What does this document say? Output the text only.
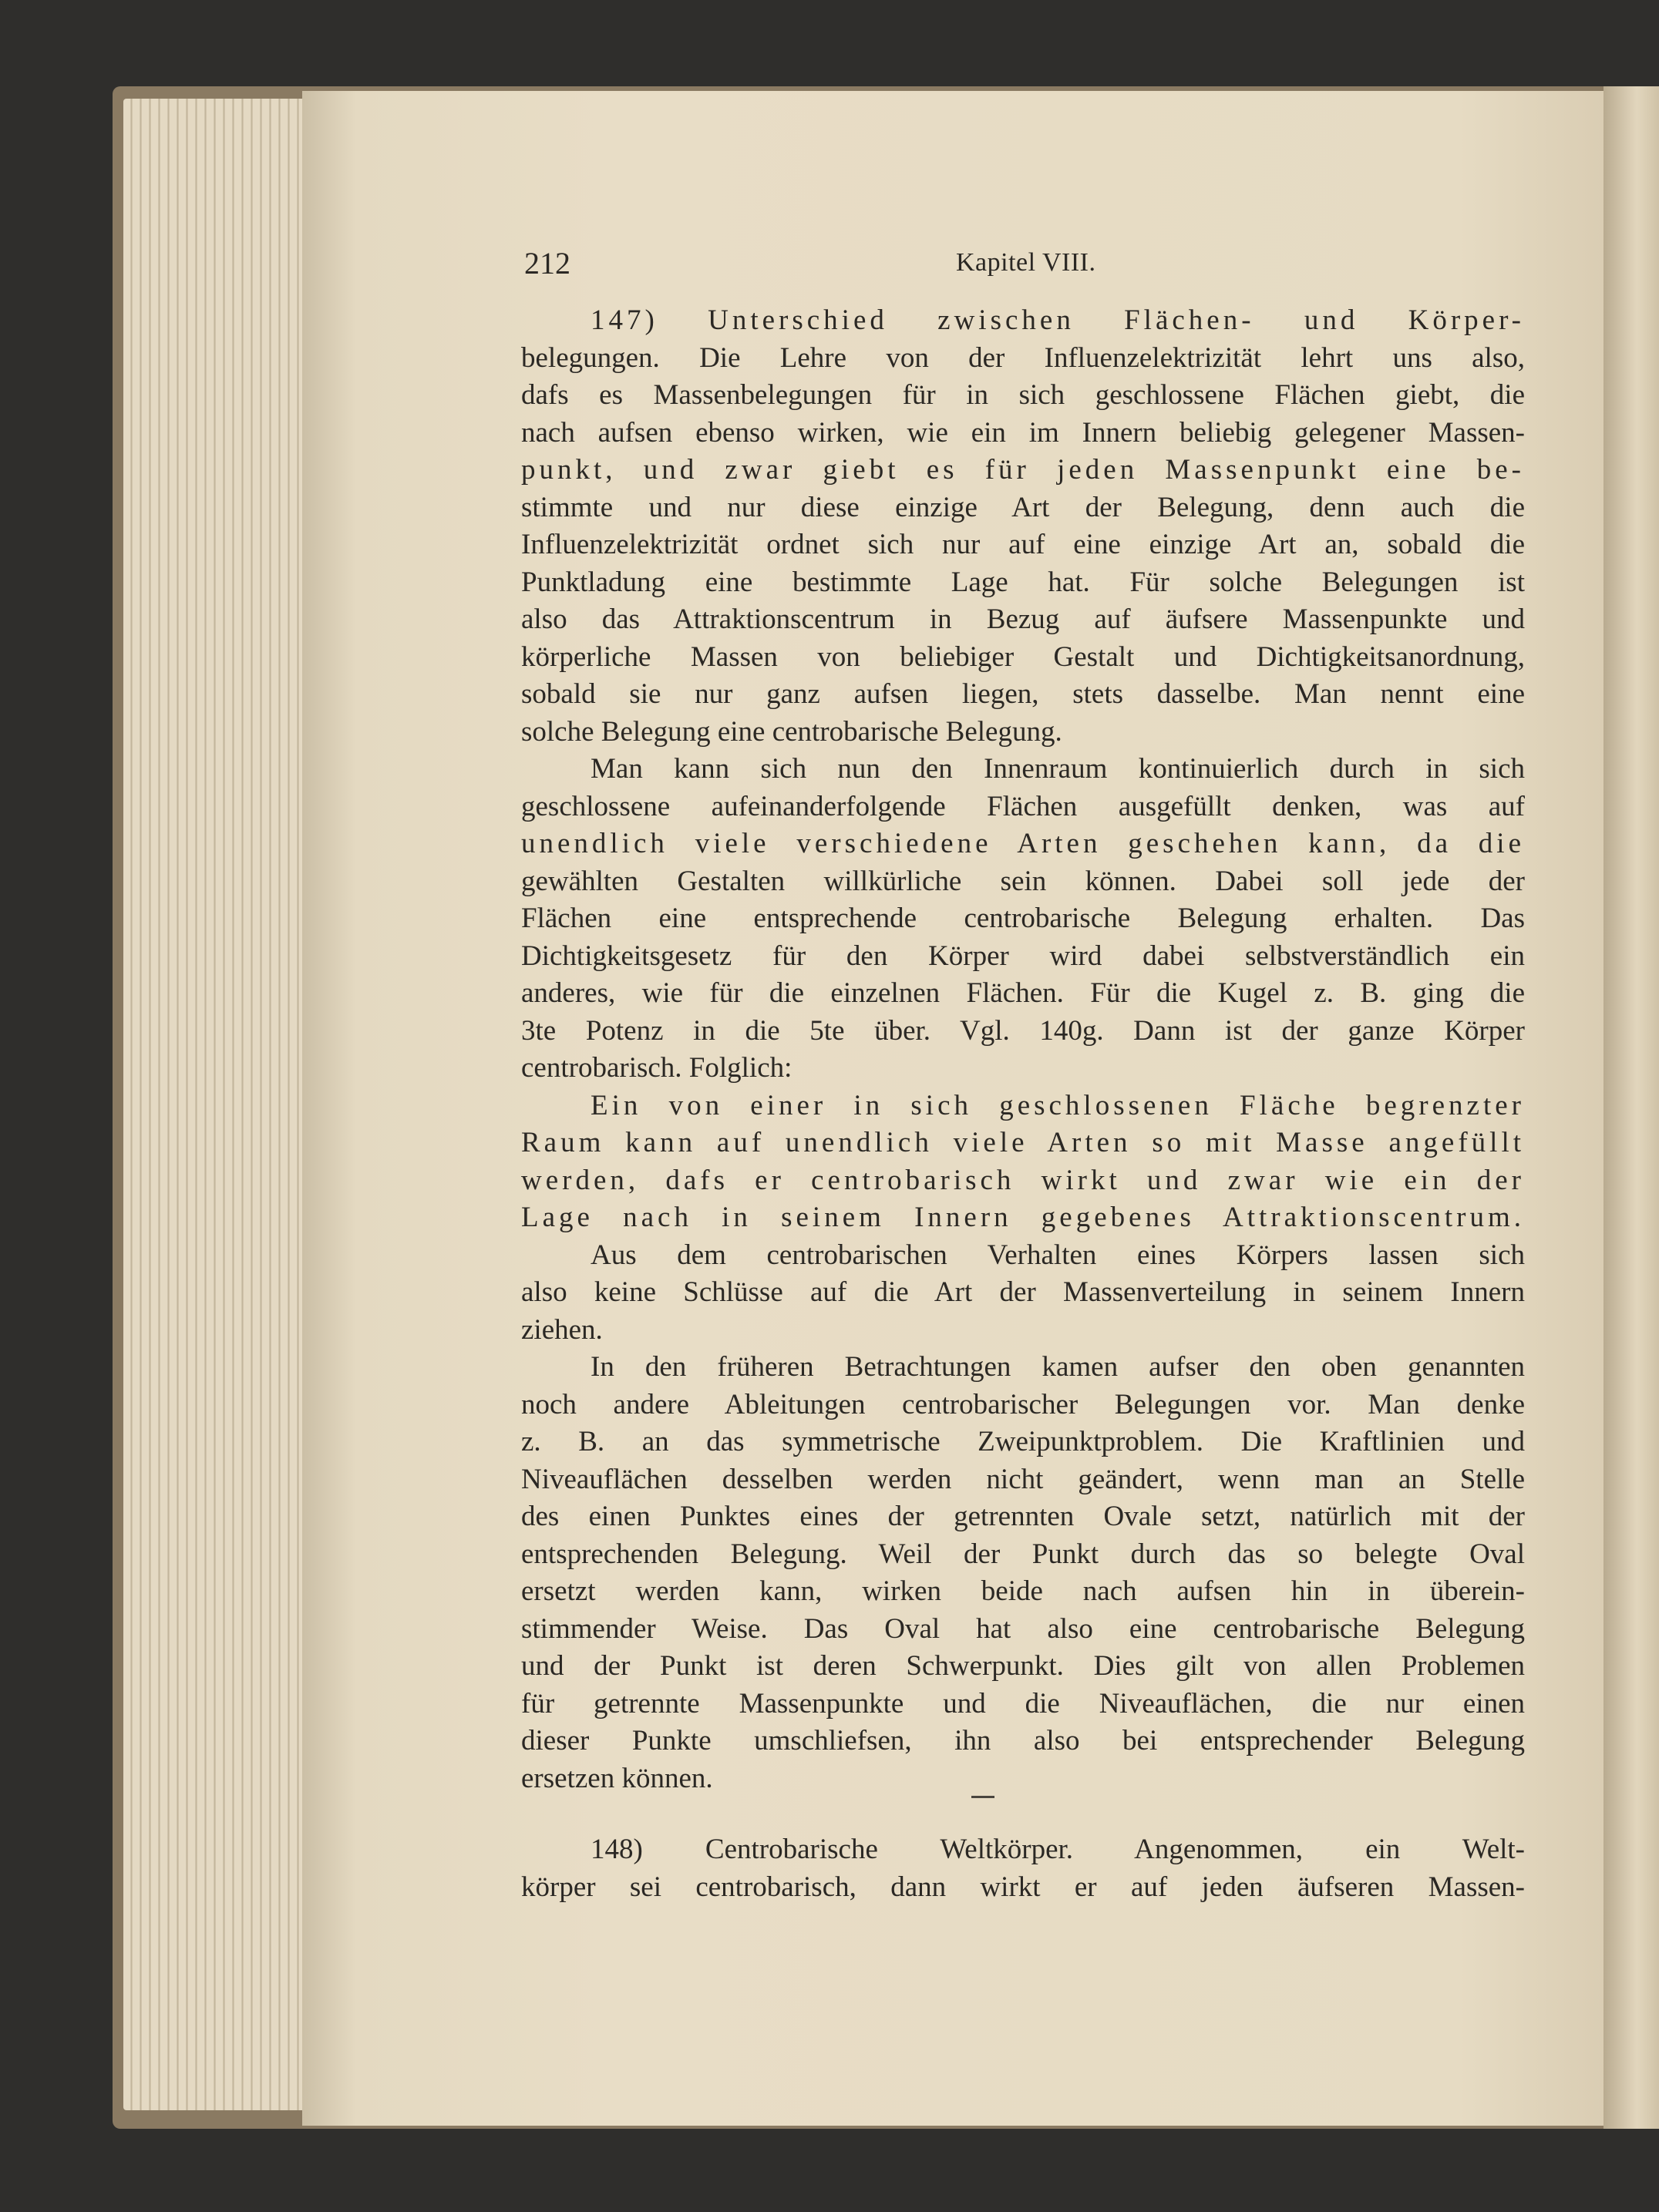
212	Kapitel VIII.
147) Unterschied zwischen Flächen- und Körper-
belegungen. Die Lehre von der Influenzelektrizität lehrt uns also,
dafs es Massenbelegungen für in sich geschlossene Flächen giebt, die
nach aufsen ebenso wirken, wie ein im Innern beliebig gelegener Massen-
punkt, und zwar giebt es für jeden Massenpunkt eine be-
stimmte und nur diese einzige Art der Belegung, denn auch die
Influenzelektrizität ordnet sich nur auf eine einzige Art an, sobald die
Punktladung eine bestimmte Lage hat. Für solche Belegungen ist
also das Attraktionscentrum in Bezug auf äufsere Massenpunkte und
körperliche Massen von beliebiger Gestalt und Dichtigkeitsanordnung,
sobald sie nur ganz aufsen liegen, stets dasselbe. Man nennt eine
solche Belegung eine centrobarische Belegung.
Man kann sich nun den Innenraum kontinuierlich durch in sich
geschlossene aufeinanderfolgende Flächen ausgefüllt denken, was auf
unendlich viele verschiedene Arten geschehen kann, da die
gewählten Gestalten willkürliche sein können. Dabei soll jede der
Flächen eine entsprechende centrobarische Belegung erhalten. Das
Dichtigkeitsgesetz für den Körper wird dabei selbstverständlich ein
anderes, wie für die einzelnen Flächen. Für die Kugel z. B. ging die
3te Potenz in die 5te über. Vgl. 140g. Dann ist der ganze Körper
centrobarisch. Folglich:
Ein von einer in sich geschlossenen Fläche begrenzter
Raum kann auf unendlich viele Arten so mit Masse angefüllt
werden, dafs er centrobarisch wirkt und zwar wie ein der
Lage nach in seinem Innern gegebenes Attraktionscentrum.
Aus dem centrobarischen Verhalten eines Körpers lassen sich
also keine Schlüsse auf die Art der Massenverteilung in seinem Innern
ziehen.
In den früheren Betrachtungen kamen aufser den oben genannten
noch andere Ableitungen centrobarischer Belegungen vor. Man denke
z. B. an das symmetrische Zweipunktproblem. Die Kraftlinien und
Niveauflächen desselben werden nicht geändert, wenn man an Stelle
des einen Punktes eines der getrennten Ovale setzt, natürlich mit der
entsprechenden Belegung. Weil der Punkt durch das so belegte Oval
ersetzt werden kann, wirken beide nach aufsen hin in überein-
stimmender Weise. Das Oval hat also eine centrobarische Belegung
und der Punkt ist deren Schwerpunkt. Dies gilt von allen Problemen
für getrennte Massenpunkte und die Niveauflächen, die nur einen
dieser Punkte umschliefsen, ihn also bei entsprechender Belegung
ersetzen können.
148) Centrobarische Weltkörper. Angenommen, ein Welt-
körper sei centrobarisch, dann wirkt er auf jeden äufseren Massen-
